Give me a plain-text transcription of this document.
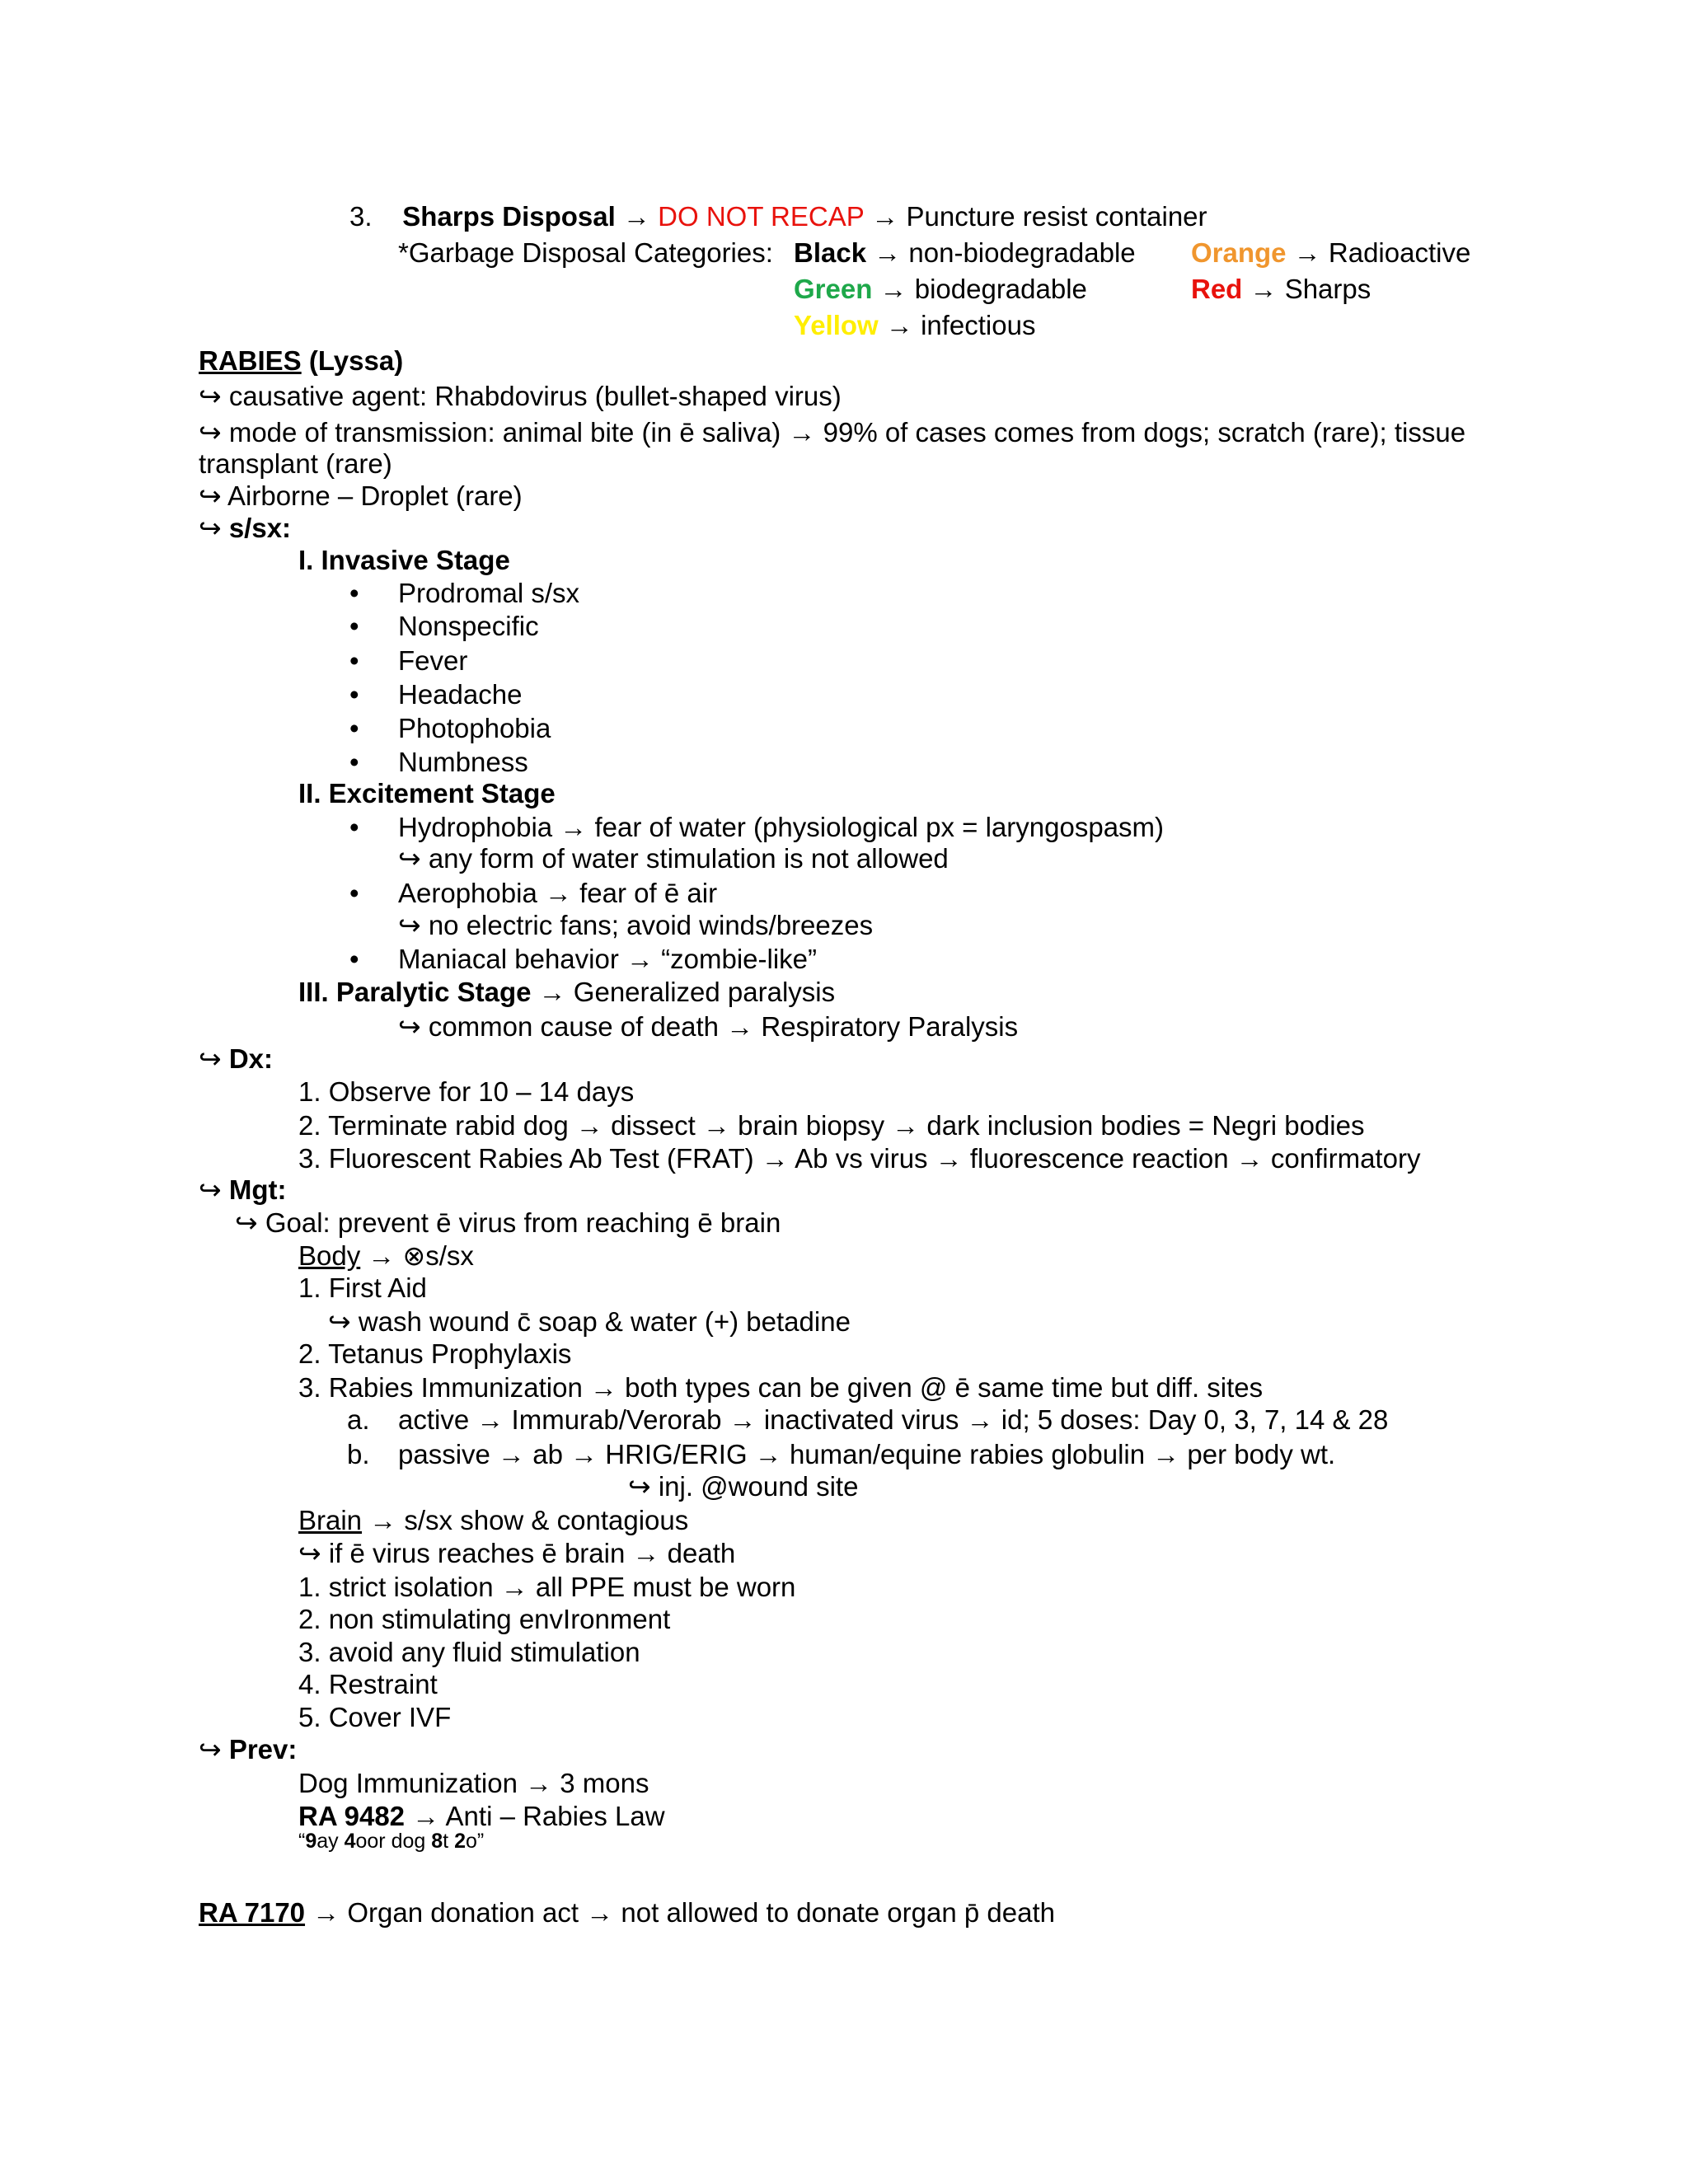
3. Sharps Disposal → DO NOT RECAP → Puncture resist container
*Garbage Disposal Categories: Black → non-biodegradable
Green → biodegradable
Yellow → infectious
Orange → Radioactive
Red → Sharps
RABIES (Lyssa)
↪ causative agent: Rhabdovirus (bullet-shaped virus)
↪ mode of transmission: animal bite (in ē saliva) → 99% of cases comes from dogs; scratch (rare); tissue
transplant (rare)
↪ Airborne – Droplet (rare)
↪ s/sx:
I. Invasive Stage
• Prodromal s/sx
• Nonspecific
• Fever
• Headache
• Photophobia
• Numbness
II. Excitement Stage
• Hydrophobia → fear of water (physiological px = laryngospasm)
↪ any form of water stimulation is not allowed
• Aerophobia → fear of ē air
↪ no electric fans; avoid winds/breezes
• Maniacal behavior → “zombie-like”
III. Paralytic Stage → Generalized paralysis
↪ common cause of death → Respiratory Paralysis
↪ Dx:
1. Observe for 10 – 14 days
2. Terminate rabid dog → dissect → brain biopsy → dark inclusion bodies = Negri bodies
3. Fluorescent Rabies Ab Test (FRAT) → Ab vs virus → fluorescence reaction → confirmatory
↪ Mgt:
↪ Goal: prevent ē virus from reaching ē brain
Body → ⊗s/sx
1. First Aid
↪ wash wound c̄ soap & water (+) betadine
2. Tetanus Prophylaxis
3. Rabies Immunization → both types can be given @ ē same time but diff. sites
a. active → Immurab/Verorab → inactivated virus → id; 5 doses: Day 0, 3, 7, 14 & 28
b. passive → ab → HRIG/ERIG → human/equine rabies globulin → per body wt.
↪ inj. @wound site
Brain → s/sx show & contagious
↪ if ē virus reaches ē brain → death
1. strict isolation → all PPE must be worn
2. non stimulating envIronment
3. avoid any fluid stimulation
4. Restraint
5. Cover IVF
↪ Prev:
Dog Immunization → 3 mons
RA 9482 → Anti – Rabies Law
“9ay 4oor dog 8t 2o”
RA 7170 → Organ donation act → not allowed to donate organ p̄ death
